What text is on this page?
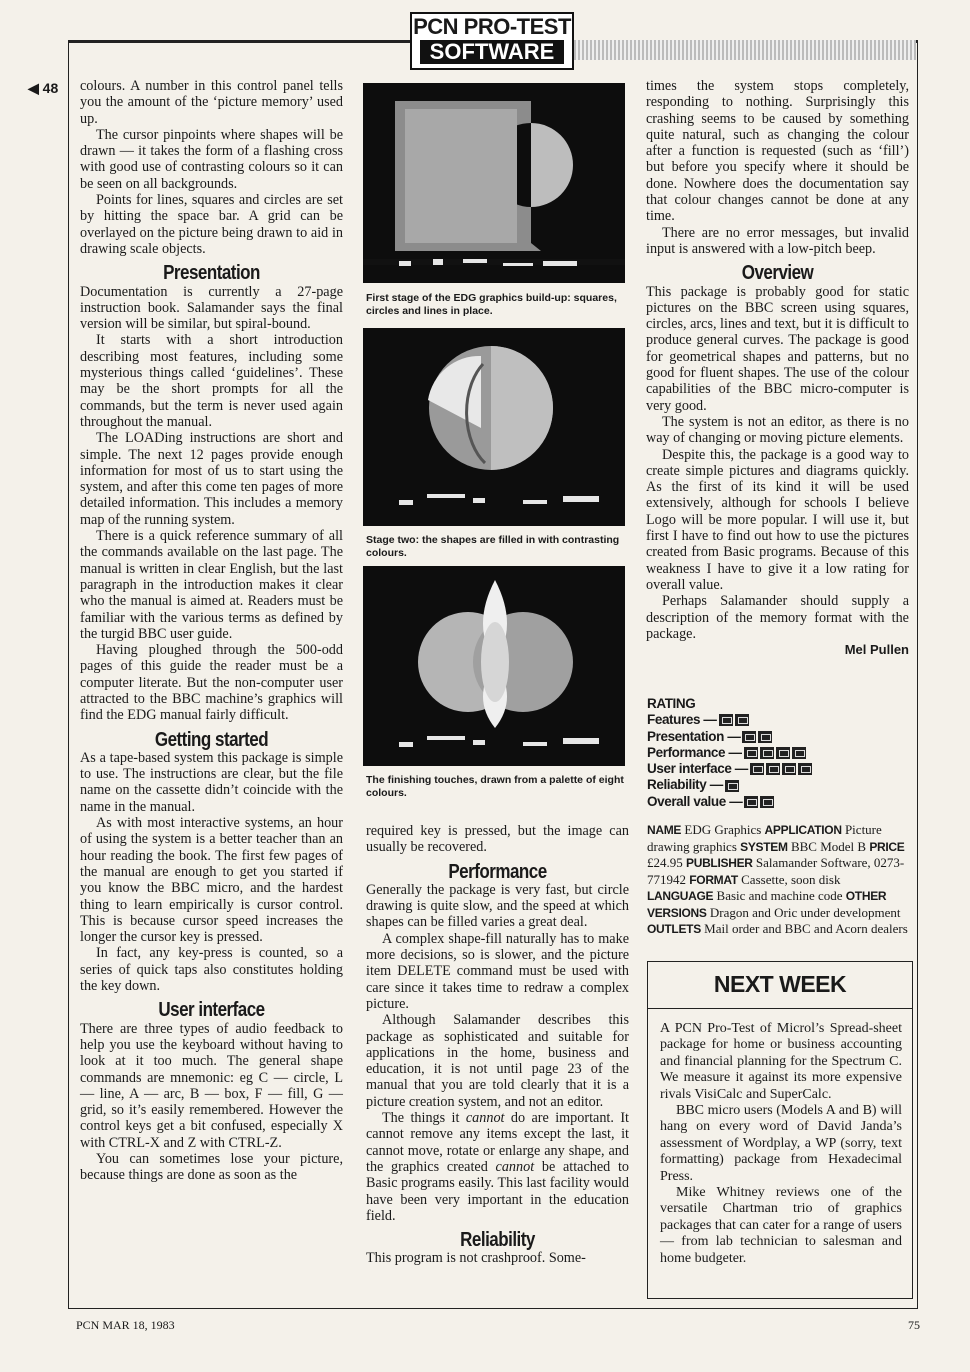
PCN PRO-TEST
SOFTWARE
◀ 48 colours. A number in this control panel tells you the amount of the ‘picture memory’ used up.

The cursor pinpoints where shapes will be drawn — it takes the form of a flashing cross with good use of contrasting colours so it can be seen on all backgrounds.

Points for lines, squares and circles are set by hitting the space bar. A grid can be overlayed on the picture being drawn to aid in drawing scale objects.

Presentation

Documentation is currently a 27-page instruction book. Salamander says the final version will be similar, but spiral-bound.

It starts with a short introduction describing most features, including some mysterious things called ‘guidelines’. These may be the short prompts for all the commands, but the term is never used again throughout the manual.

The LOADing instructions are short and simple. The next 12 pages provide enough information for most of us to start using the system, and after this come ten pages of more detailed information. This includes a memory map of the running system.

There is a quick reference summary of all the commands available on the last page. The manual is written in clear English, but the last paragraph in the introduction makes it clear who the manual is aimed at. Readers must be familiar with the various terms as defined by the turgid BBC user guide.

Having ploughed through the 500-odd pages of this guide the reader must be a computer literate. But the non-computer user attracted to the BBC machine’s graphics will find the EDG manual fairly difficult.

Getting started

As a tape-based system this package is simple to use. The instructions are clear, but the file name on the cassette didn’t coincide with the name in the manual.

As with most interactive systems, an hour of using the system is a better teacher than an hour reading the book. The first few pages of the manual are enough to get you started if you know the BBC micro, and the hardest thing to learn empirically is cursor control. This is because cursor speed increases the longer the cursor key is pressed.

In fact, any key-press is counted, so a series of quick taps also constitutes holding the key down.

User interface

There are three types of audio feedback to help you use the keyboard without having to look at it too much. The general shape commands are mnemonic: eg C — circle, L — line, A — arc, B — box, F — fill, G — grid, so it’s easily remembered. However the control keys get a bit confused, especially X with CTRL-X and Z with CTRL-Z.

You can sometimes lose your picture, because things are done as soon as the

First stage of the EDG graphics build-up: squares, circles and lines in place.
Stage two: the shapes are filled in with contrasting colours.
The finishing touches, drawn from a palette of eight colours.

required key is pressed, but the image can usually be recovered.

Performance

Generally the package is very fast, but circle drawing is quite slow, and the speed at which shapes can be filled varies a great deal.

A complex shape-fill naturally has to make more decisions, so is slower, and the picture item DELETE command must be used with care since it takes time to redraw a complex picture.

Although Salamander describes this package as sophisticated and suitable for applications in the home, business and education, it is not until page 23 of the manual that you are told clearly that it is a picture creation system, and not an editor.

The things it cannot do are important. It cannot remove any items except the last, it cannot move, rotate or enlarge any shape, and the graphics created cannot be attached to Basic programs easily. This last facility would have been very important in the education field.

Reliability

This program is not crashproof. Some-

times the system stops completely, responding to nothing. Surprisingly this crashing seems to be caused by something quite natural, such as changing the colour after a function is requested (such as ‘fill’) but before you specify where it should be done. Nowhere does the documentation say that colour changes cannot be done at any time.

There are no error messages, but invalid input is answered with a low-pitch beep.

Overview

This package is probably good for static pictures on the BBC screen using squares, circles, arcs, lines and text, but it is difficult to produce general curves. The package is good for geometrical shapes and patterns, but no good for fluent shapes. The use of the colour capabilities of the BBC micro-computer is very good.

The system is not an editor, as there is no way of changing or moving picture elements.

Despite this, the package is a good way to create simple pictures and diagrams quickly. As the first of its kind it will be used extensively, although for schools I believe Logo will be more popular. I will use it, but first I have to find out how to use the pictures created from Basic programs. Because of this weakness I have to give it a low rating for overall value.

Perhaps Salamander should supply a description of the memory format with the package.

Mel Pullen
RATING
Features —
Presentation —
Performance —
User interface —
Reliability —
Overall value —
NAME EDG Graphics APPLICATION Picture drawing graphics SYSTEM BBC Model B PRICE £24.95 PUBLISHER Salamander Software, 0273-771942 FORMAT Cassette, soon disk LANGUAGE Basic and machine code OTHER VERSIONS Dragon and Oric under development OUTLETS Mail order and BBC and Acorn dealers
NEXT WEEK

A PCN Pro-Test of Microl’s Spread-sheet package for home or business accounting and financial planning for the Spectrum C. We measure it against its more expensive rivals VisiCalc and SuperCalc.

BBC micro users (Models A and B) will hang on every word of David Janda’s assessment of Wordplay, a WP (sorry, text formatting) package from Hexadecimal Press.

Mike Whitney reviews one of the versatile Chartman trio of graphics packages that can cater for a range of users — from lab technician to salesman and home budgeter.

PCN MAR 18, 1983	75
